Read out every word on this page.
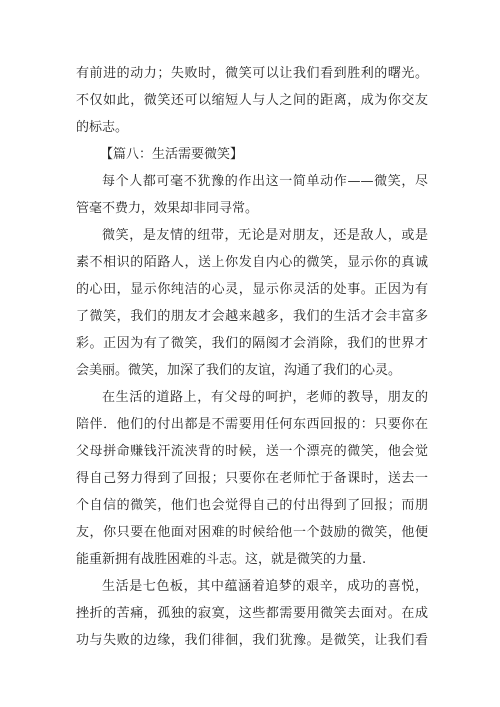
有前进的动力；失败时，微笑可以让我们看到胜利的曙光。
不仅如此，微笑还可以缩短人与人之间的距离，成为你交友
的标志。
【篇八：生活需要微笑】
每个人都可毫不犹豫的作出这一简单动作——微笑，尽
管毫不费力，效果却非同寻常。
微笑，是友情的纽带，无论是对朋友，还是敌人，或是
素不相识的陌路人，送上你发自内心的微笑，显示你的真诚
的心田，显示你纯洁的心灵，显示你灵活的处事。正因为有
了微笑，我们的朋友才会越来越多，我们的生活才会丰富多
彩。正因为有了微笑，我们的隔阂才会消除，我们的世界才
会美丽。微笑，加深了我们的友谊，沟通了我们的心灵。
在生活的道路上，有父母的呵护，老师的教导，朋友的
陪伴．他们的付出都是不需要用任何东西回报的：只要你在
父母拼命赚钱汗流浃背的时候，送一个漂亮的微笑，他会觉
得自己努力得到了回报；只要你在老师忙于备课时，送去一
个自信的微笑，他们也会觉得自己的付出得到了回报；而朋
友，你只要在他面对困难的时候给他一个鼓励的微笑，他便
能重新拥有战胜困难的斗志。这，就是微笑的力量.
生活是七色板，其中蕴涵着追梦的艰辛，成功的喜悦，
挫折的苦痛，孤独的寂寞，这些都需要用微笑去面对。在成
功与失败的边缘，我们徘徊，我们犹豫。是微笑，让我们看
